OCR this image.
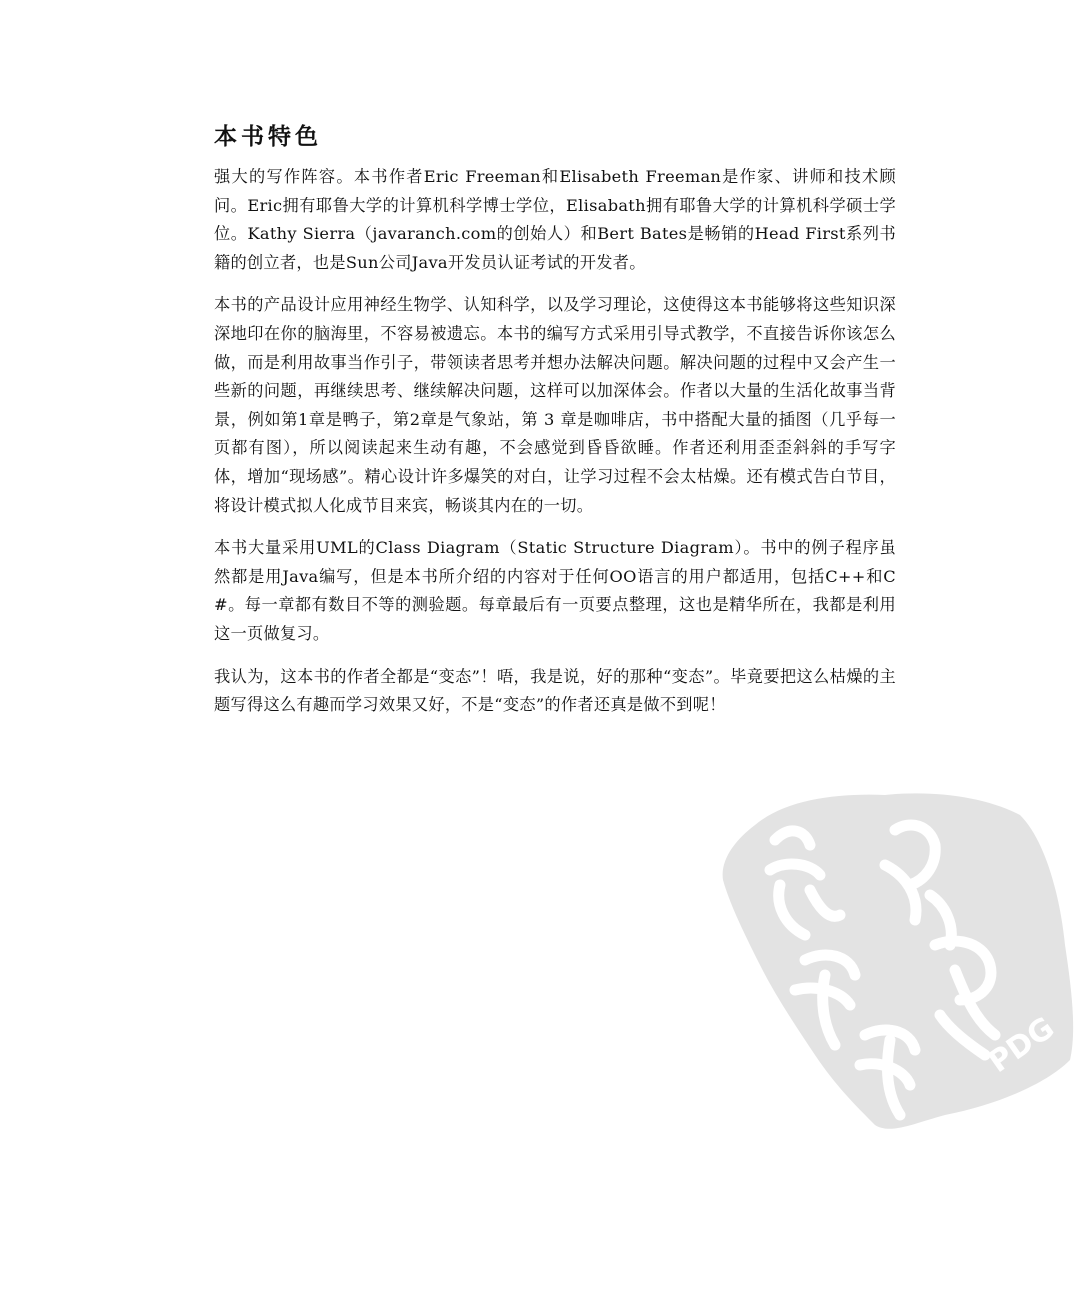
本书特色

强大的写作阵容。本书作者Eric Freeman和Elisabeth Freeman是作家、讲师和技术顾问。Eric拥有耶鲁大学的计算机科学博士学位，Elisabath拥有耶鲁大学的计算机科学硕士学位。Kathy Sierra（javaranch.com的创始人）和Bert Bates是畅销的Head First系列书籍的创立者，也是Sun公司Java开发员认证考试的开发者。

本书的产品设计应用神经生物学、认知科学，以及学习理论，这使得这本书能够将这些知识深深地印在你的脑海里，不容易被遗忘。本书的编写方式采用引导式教学，不直接告诉你该怎么做，而是利用故事当作引子，带领读者思考并想办法解决问题。解决问题的过程中又会产生一些新的问题，再继续思考、继续解决问题，这样可以加深体会。作者以大量的生活化故事当背景，例如第1章是鸭子，第2章是气象站，第 3 章是咖啡店，书中搭配大量的插图（几乎每一页都有图），所以阅读起来生动有趣，不会感觉到昏昏欲睡。作者还利用歪歪斜斜的手写字体，增加“现场感”。精心设计许多爆笑的对白，让学习过程不会太枯燥。还有模式告白节目，将设计模式拟人化成节目来宾，畅谈其内在的一切。

本书大量采用UML的Class Diagram（Static Structure Diagram）。书中的例子程序虽然都是用Java编写，但是本书所介绍的内容对于任何OO语言的用户都适用，包括C++和C#。每一章都有数目不等的测验题。每章最后有一页要点整理，这也是精华所在，我都是利用这一页做复习。

我认为，这本书的作者全都是“变态”！唔，我是说，好的那种“变态”。毕竟要把这么枯燥的主题写得这么有趣而学习效果又好，不是“变态”的作者还真是做不到呢！

PDG
